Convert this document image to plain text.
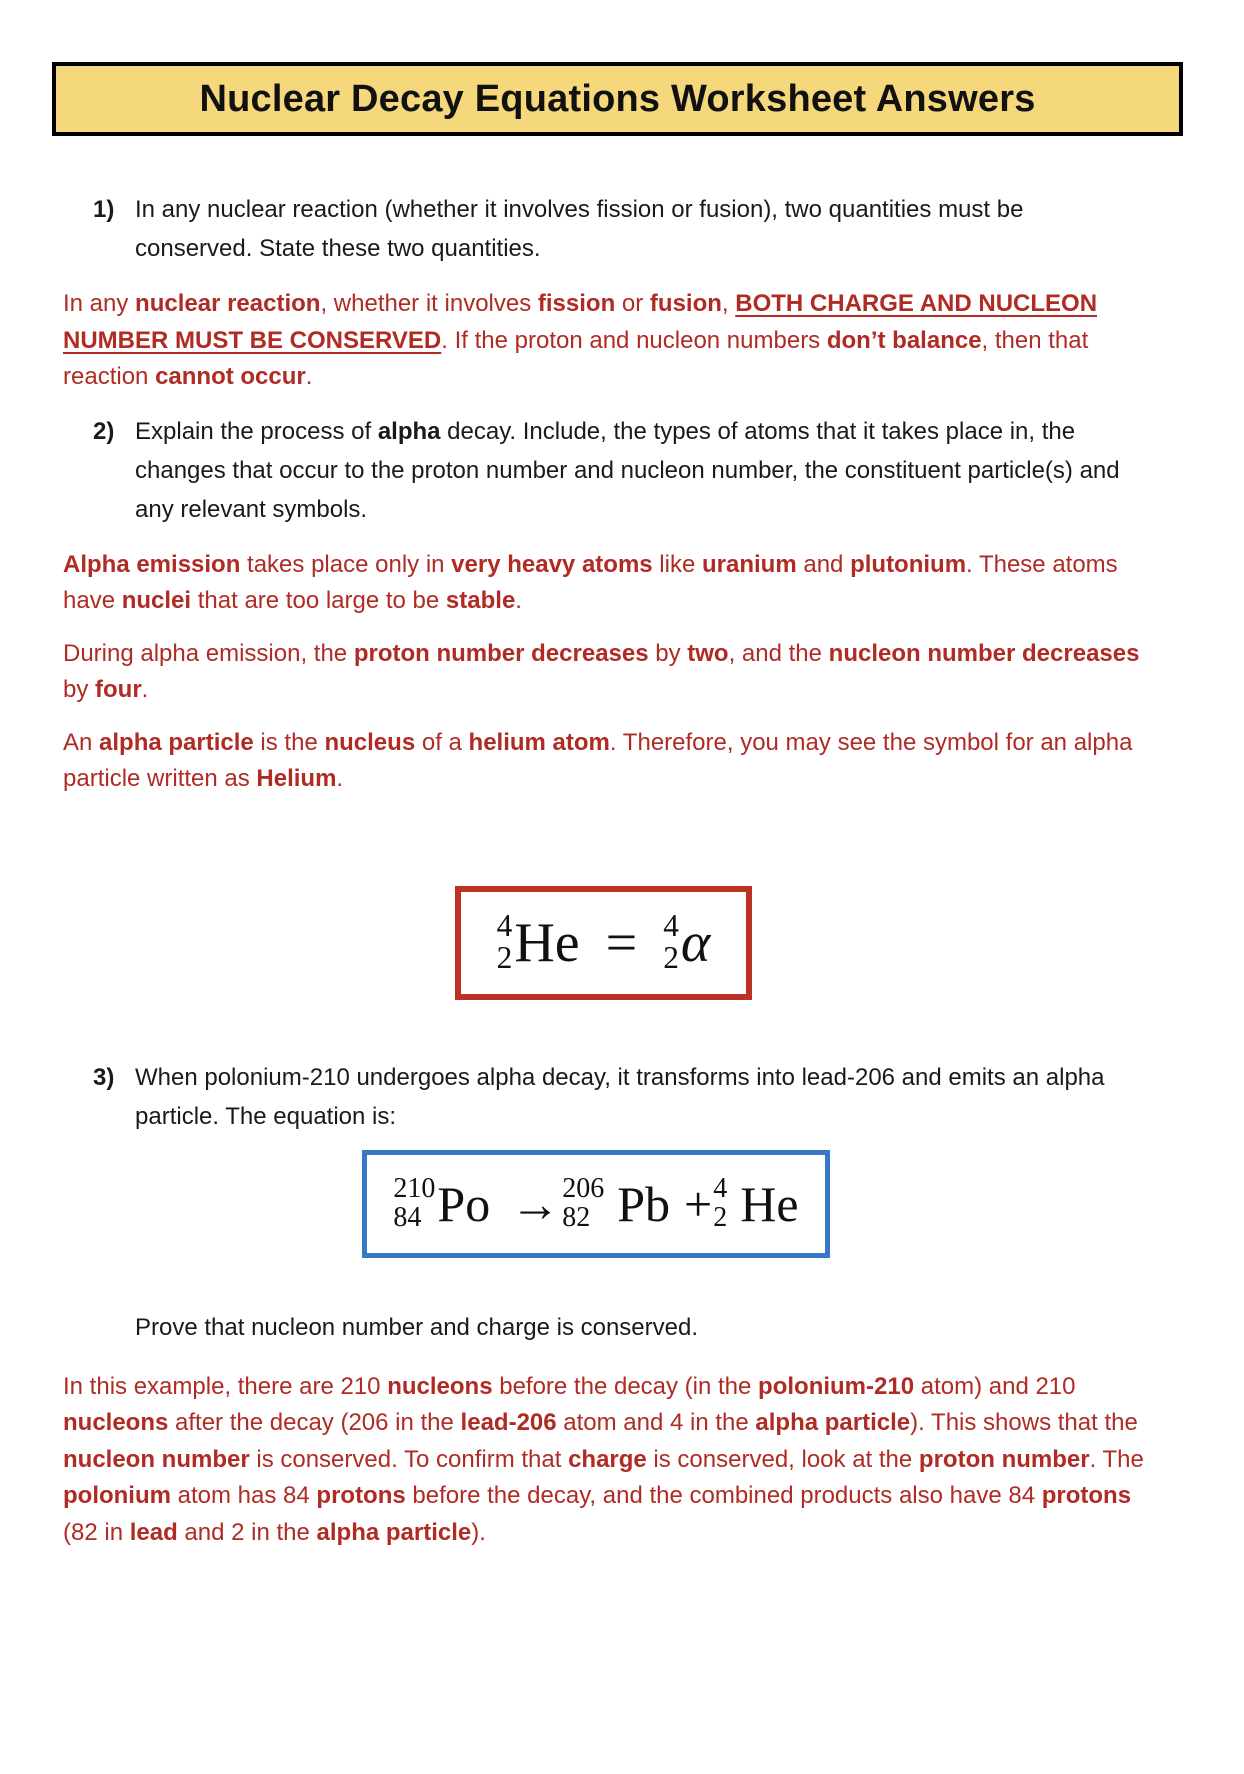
Nuclear Decay Equations Worksheet Answers
1) In any nuclear reaction (whether it involves fission or fusion), two quantities must be conserved. State these two quantities.

In any nuclear reaction, whether it involves fission or fusion, BOTH CHARGE AND NUCLEON NUMBER MUST BE CONSERVED. If the proton and nucleon numbers don’t balance, then that reaction cannot occur.

2) Explain the process of alpha decay. Include, the types of atoms that it takes place in, the changes that occur to the proton number and nucleon number, the constituent particle(s) and any relevant symbols.

Alpha emission takes place only in very heavy atoms like uranium and plutonium. These atoms have nuclei that are too large to be stable.

During alpha emission, the proton number decreases by two, and the nucleon number decreases by four.

An alpha particle is the nucleus of a helium atom. Therefore, you may see the symbol for an alpha particle written as Helium.

4
2 He = 4
2 α
3) When polonium-210 undergoes alpha decay, it transforms into lead-206 and emits an alpha particle. The equation is:
210
84 Po → 206
82 Pb + 4
2 He
Prove that nucleon number and charge is conserved.

In this example, there are 210 nucleons before the decay (in the polonium-210 atom) and 210 nucleons after the decay (206 in the lead-206 atom and 4 in the alpha particle). This shows that the nucleon number is conserved. To confirm that charge is conserved, look at the proton number. The polonium atom has 84 protons before the decay, and the combined products also have 84 protons (82 in lead and 2 in the alpha particle).
